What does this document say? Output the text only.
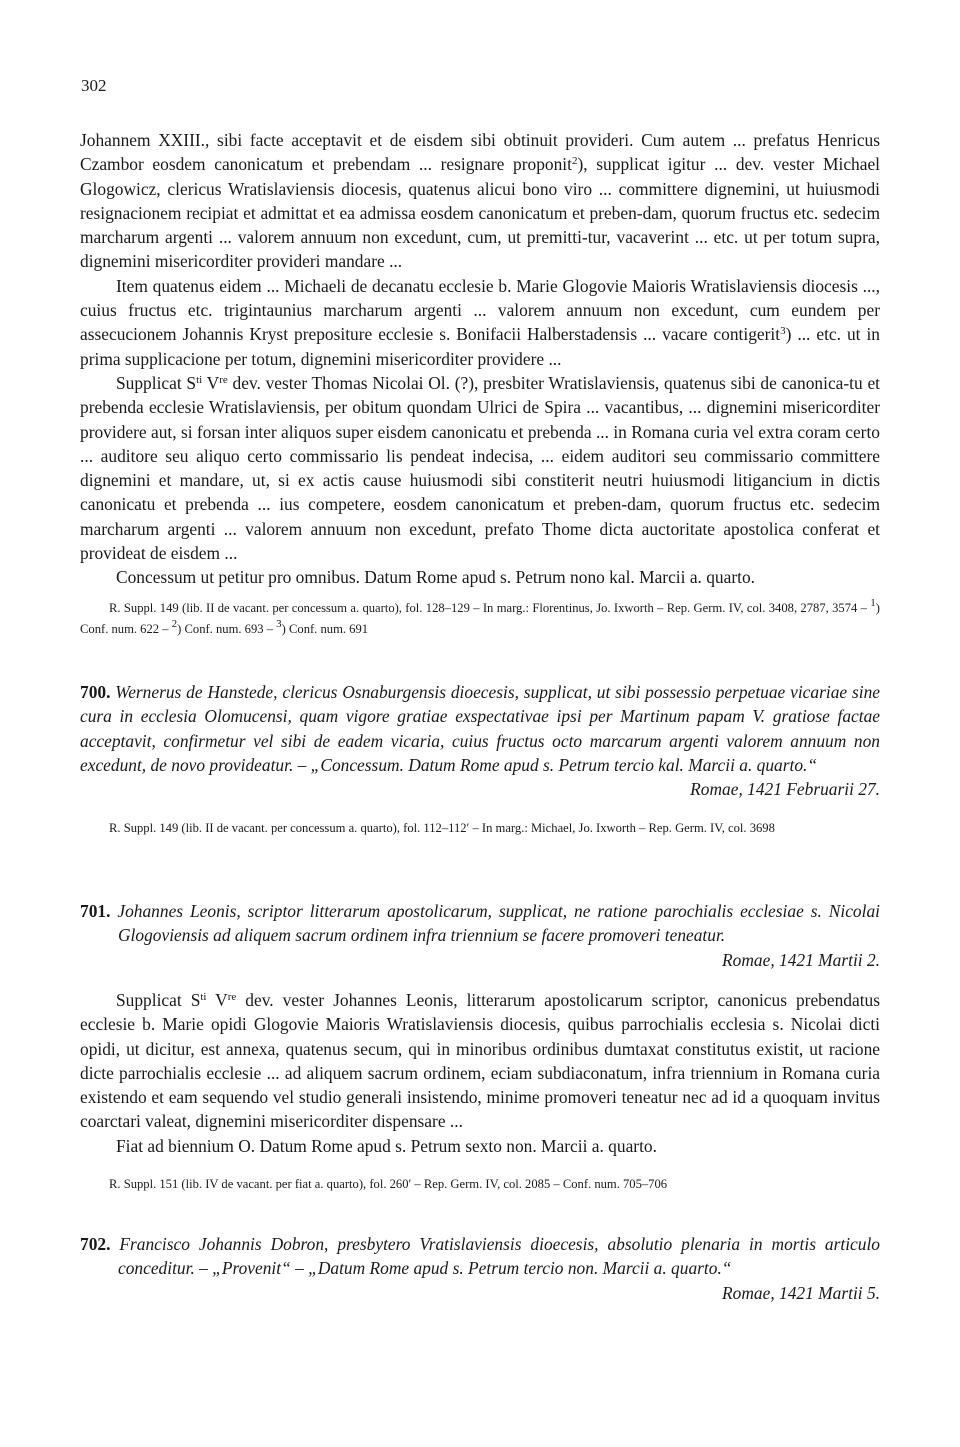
302

Johannem XXIII., sibi facte acceptavit et de eisdem sibi obtinuit provideri. Cum autem ... prefatus Henricus Czambor eosdem canonicatum et prebendam ... resignare proponit$^2$), supplicat igitur ... dev. vester Michael Glogowicz, clericus Wratislaviensis diocesis, quatenus alicui bono viro ... committere dignemini, ut huiusmodi resignacionem recipiat et admittat et ea admissa eosdem canonicatum et preben-dam, quorum fructus etc. sedecim marcharum argenti ... valorem annuum non excedunt, cum, ut premitti-tur, vacaverint ... etc. ut per totum supra, dignemini misericorditer provideri mandare ...

Item quatenus eidem ... Michaeli de decanatu ecclesie b. Marie Glogovie Maioris Wratislaviensis diocesis ..., cuius fructus etc. trigintaunius marcharum argenti ... valorem annuum non excedunt, cum eundem per assecucionem Johannis Kryst prepositure ecclesie s. Bonifacii Halberstadensis ... vacare contigerit$^3$) ... etc. ut in prima supplicacione per totum, dignemini misericorditer providere ...

Supplicat $S^{ti}$ Vre dev. vester Thomas Nicolai Ol. (?), presbiter Wratislaviensis, quatenus sibi de canonica-tu et prebenda ecclesie Wratislaviensis, per obitum quondam Ulrici de Spira ... vacantibus, ... dignemini misericorditer providere aut, si forsan inter aliquos super eisdem canonicatu et prebenda ... in Romana curia vel extra coram certo ... auditore seu aliquo certo commissario lis pendeat indecisa, ... eidem auditori seu commissario committere dignemini et mandare, ut, si ex actis cause huiusmodi sibi constiterit neutri huiusmodi litigancium in dictis canonicatu et prebenda ... ius competere, eosdem canonicatum et preben-dam, quorum fructus etc. sedecim marcharum argenti ... valorem annuum non excedunt, prefato Thome dicta auctoritate apostolica conferat et provideat de eisdem ...

Concessum ut petitur pro omnibus. Datum Rome apud s. Petrum nono kal. Marcii a. quarto.

R. Suppl. 149 (lib. II de vacant. per concessum a. quarto), fol. 128–129 – In marg.: Florentinus, Jo. Ixworth – Rep. Germ. IV, col. 3408, 2787, 3574 – $^1$) Conf. num. 622 – $^2$) Conf. num. 693 – $^3$) Conf. num. 691

700. Wernerus de Hanstede, clericus Osnaburgensis dioecesis, supplicat, ut sibi possessio perpetuae vicariae sine cura in ecclesia Olomucensi, quam vigore gratiae exspectativae ipsi per Martinum papam V. gratiose factae acceptavit, confirmetur vel sibi de eadem vicaria, cuius fructus octo marcarum argenti valorem annuum non excedunt, de novo provideatur. – „Concessum. Datum Rome apud s. Petrum tercio kal. Marcii a. quarto.“

Romae, 1421 Februarii 27.

R. Suppl. 149 (lib. II de vacant. per concessum a. quarto), fol. 112–112′ – In marg.: Michael, Jo. Ixworth – Rep. Germ. IV, col. 3698

701. Johannes Leonis, scriptor litterarum apostolicarum, supplicat, ne ratione parochialis ecclesiae s. Nicolai Glogoviensis ad aliquem sacrum ordinem infra triennium se facere promoveri teneatur.

Romae, 1421 Martii 2.

Supplicat $S^{ti}$ Vre dev. vester Johannes Leonis, litterarum apostolicarum scriptor, canonicus prebendatus ecclesie b. Marie opidi Glogovie Maioris Wratislaviensis diocesis, quibus parrochialis ecclesia s. Nicolai dicti opidi, ut dicitur, est annexa, quatenus secum, qui in minoribus ordinibus dumtaxat constitutus existit, ut racione dicte parrochialis ecclesie ... ad aliquem sacrum ordinem, eciam subdiaconatum, infra triennium in Romana curia existendo et eam sequendo vel studio generali insistendo, minime promoveri teneatur nec ad id a quoquam invitus coarctari valeat, dignemini misericorditer dispensare ...

Fiat ad biennium O. Datum Rome apud s. Petrum sexto non. Marcii a. quarto.

R. Suppl. 151 (lib. IV de vacant. per fiat a. quarto), fol. 260′ – Rep. Germ. IV, col. 2085 – Conf. num. 705–706

702. Francisco Johannis Dobron, presbytero Vratislaviensis dioecesis, absolutio plenaria in mortis articulo conceditur. – „Provenit“ – „Datum Rome apud s. Petrum tercio non. Marcii a. quarto.“

Romae, 1421 Martii 5.
